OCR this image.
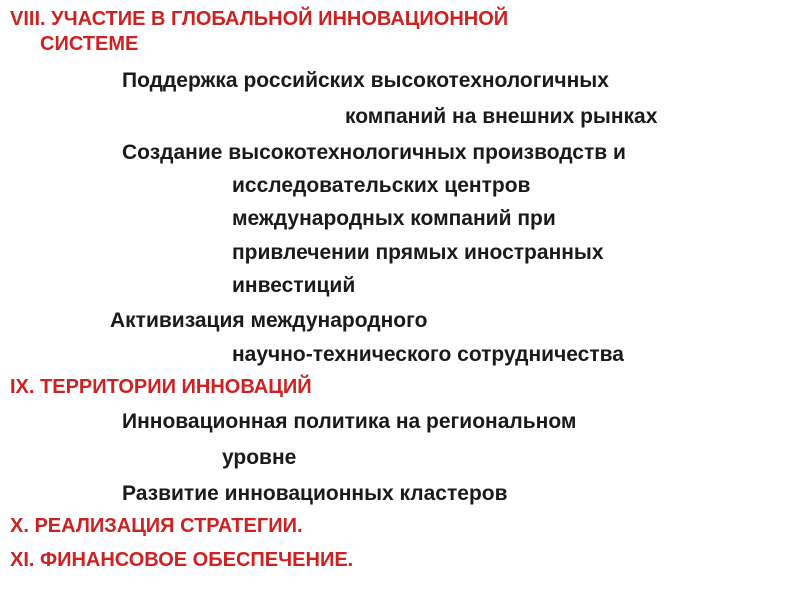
VIII. УЧАСТИЕ В ГЛОБАЛЬНОЙ ИННОВАЦИОННОЙ
СИСТЕМЕ
Поддержка российских высокотехнологичных
компаний на внешних рынках
Создание высокотехнологичных производств и
исследовательских центров
международных компаний при
привлечении прямых иностранных
инвестиций
Активизация международного
научно-технического сотрудничества
IX. ТЕРРИТОРИИ ИННОВАЦИЙ
Инновационная политика на региональном
уровне
Развитие инновационных кластеров
X. РЕАЛИЗАЦИЯ СТРАТЕГИИ.
XI. ФИНАНСОВОЕ ОБЕСПЕЧЕНИЕ.
